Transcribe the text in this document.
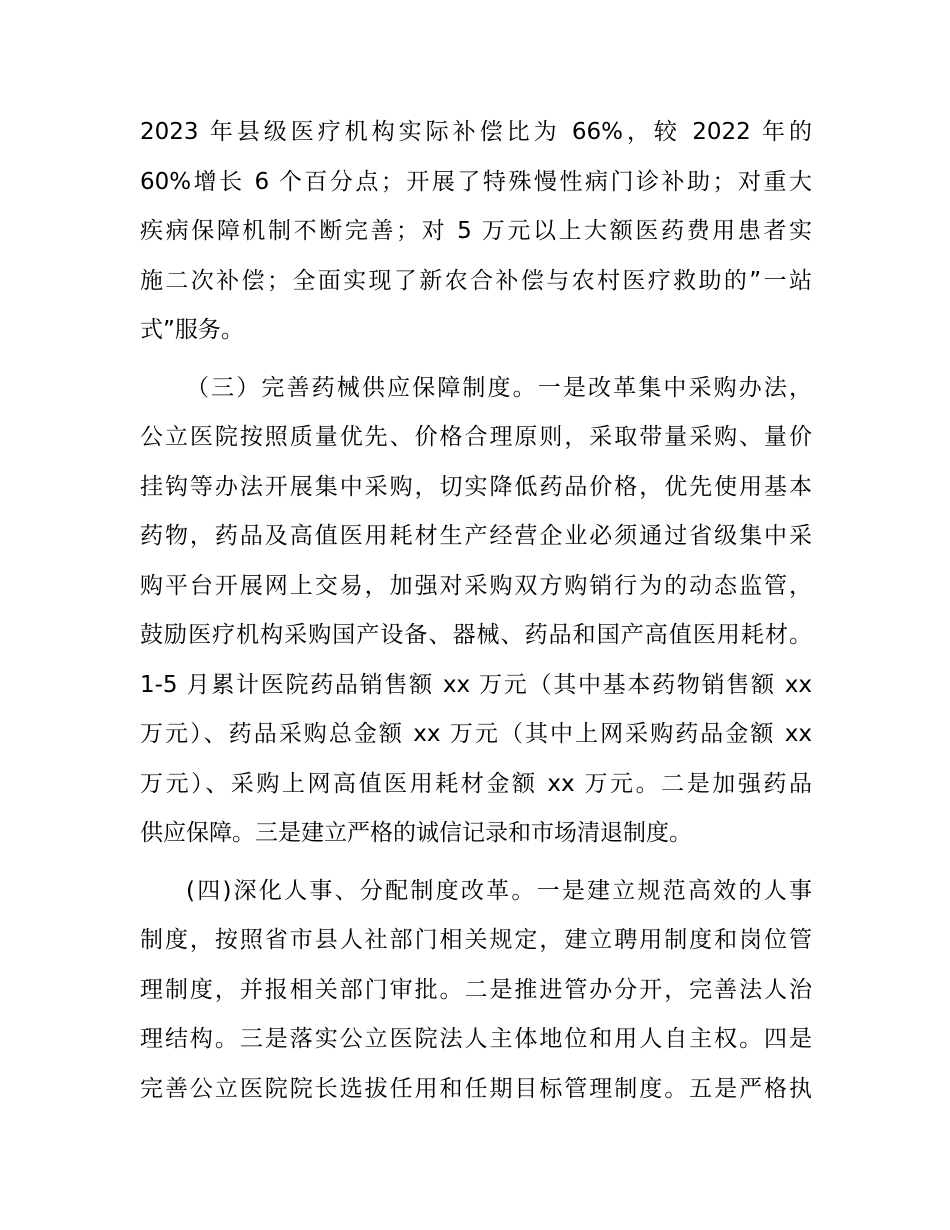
2023 年县级医疗机构实际补偿比为 66%，较 2022 年的
60%增长 6 个百分点；开展了特殊慢性病门诊补助；对重大
疾病保障机制不断完善；对 5 万元以上大额医药费用患者实
施二次补偿；全面实现了新农合补偿与农村医疗救助的”一站
式”服务。
（三）完善药械供应保障制度。一是改革集中采购办法，
公立医院按照质量优先、价格合理原则，采取带量采购、量价
挂钩等办法开展集中采购，切实降低药品价格，优先使用基本
药物，药品及高值医用耗材生产经营企业必须通过省级集中采
购平台开展网上交易，加强对采购双方购销行为的动态监管，
鼓励医疗机构采购国产设备、器械、药品和国产高值医用耗材。
1-5 月累计医院药品销售额 xx 万元（其中基本药物销售额 xx
万元）、药品采购总金额 xx 万元（其中上网采购药品金额 xx
万元）、采购上网高值医用耗材金额 xx 万元。二是加强药品
供应保障。三是建立严格的诚信记录和市场清退制度。
(四)深化人事、分配制度改革。一是建立规范高效的人事
制度，按照省市县人社部门相关规定，建立聘用制度和岗位管
理制度，并报相关部门审批。二是推进管办分开，完善法人治
理结构。三是落实公立医院法人主体地位和用人自主权。四是
完善公立医院院长选拔任用和任期目标管理制度。五是严格执
